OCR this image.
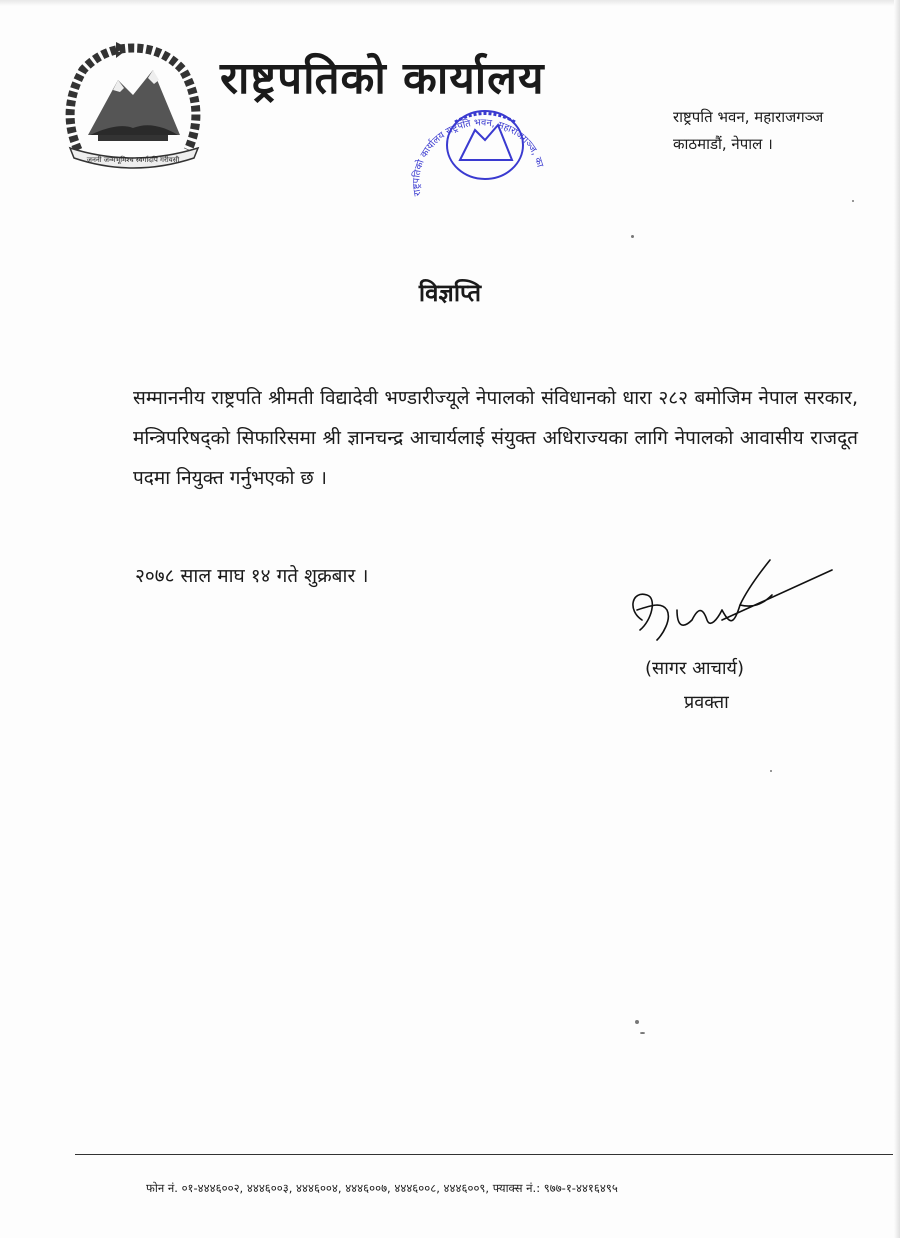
जननी जन्मभूमिश्च स्वर्गादपि गरीयसी
राष्ट्रपतिको कार्यालय
राष्ट्रपति भवन, महाराजगञ्ज
काठमाडौं, नेपाल ।
राष्ट्रपतिको कार्यालय राष्ट्रपति भवन, महाराजगञ्ज, काठमाडौं
विज्ञप्ति
सम्माननीय राष्ट्रपति श्रीमती विद्यादेवी भण्डारीज्यूले नेपालको संविधानको धारा २८२ बमोजिम नेपाल सरकार, मन्त्रिपरिषद्को सिफारिसमा श्री ज्ञानचन्द्र आचार्यलाई संयुक्त अधिराज्यका लागि नेपालको आवासीय राजदूत पदमा नियुक्त गर्नुभएको छ ।
२०७८ साल माघ १४ गते शुक्रबार ।
(सागर आचार्य)
प्रवक्ता
फोन नं. ०१-४४४६००२, ४४४६००३, ४४४६००४, ४४४६००७, ४४४६००८, ४४४६००९, फ्याक्स नं.: ९७७-१-४४१६४९५
